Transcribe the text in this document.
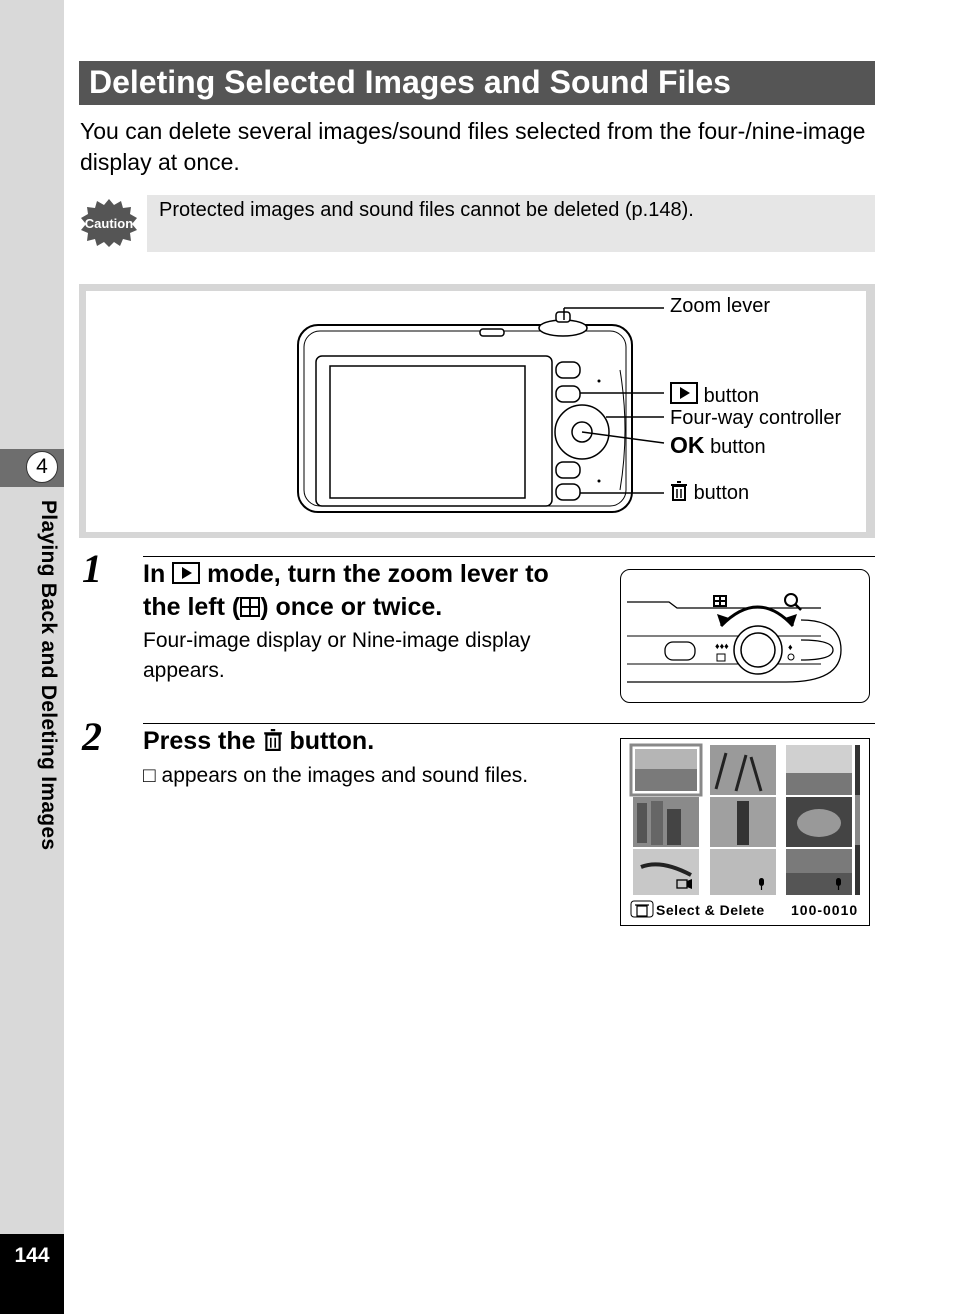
4
Playing Back and Deleting Images
144
Deleting Selected Images and Sound Files
You can delete several images/sound files selected from the four-/nine-image display at once.
Caution
Protected images and sound files cannot be deleted (p.148).
Zoom lever
button
Four-way controller
OK button
button
1 In mode, turn the zoom lever to
the left ( ) once or twice.
Four-image display or Nine-image display appears.
♦♦♦	♦
2 Press the button.
□ appears on the images and sound files.
Select & Delete 100-0010
